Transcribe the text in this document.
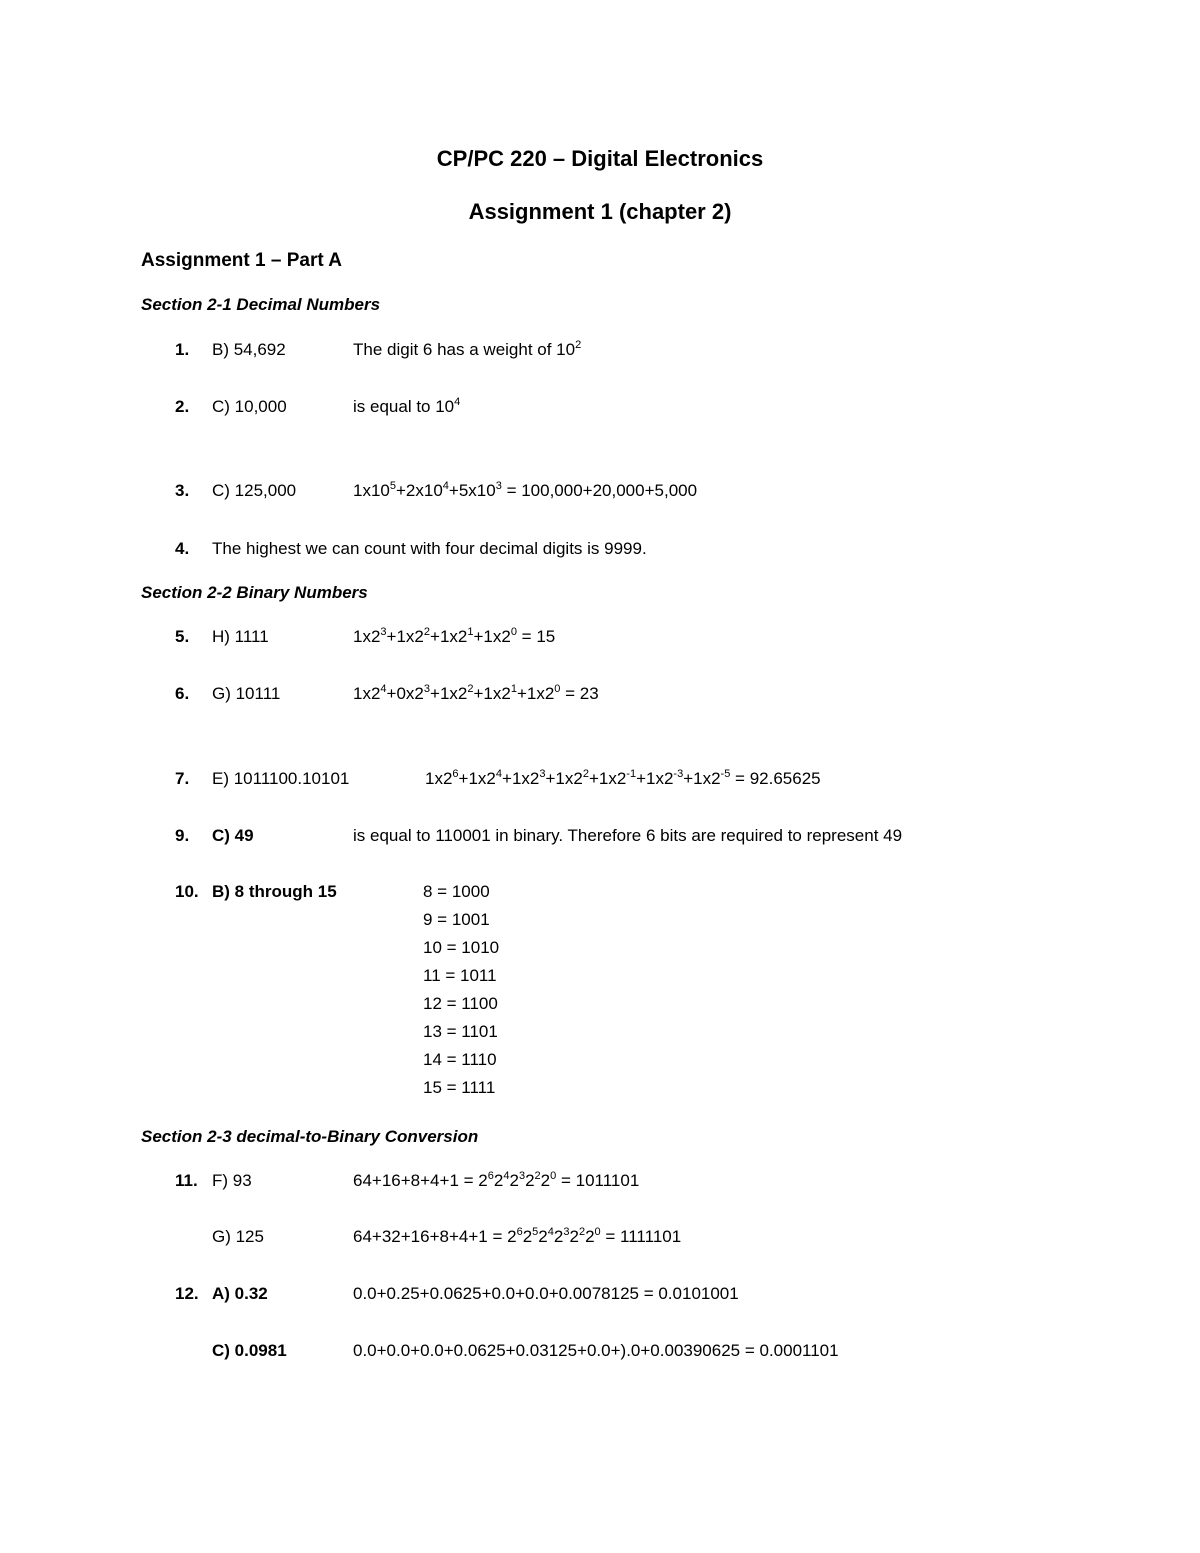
CP/PC 220 – Digital Electronics
Assignment 1 (chapter 2)
Assignment 1 – Part A
Section 2-1 Decimal Numbers
1. B) 54,692	The digit 6 has a weight of $10^2$
2. C) 10,000	is equal to $10^4$
3. C) 125,000	$1x10^5+2x10^4+5x10^3 = 100,000+20,000+5,000$
4. The highest we can count with four decimal digits is 9999.
Section 2-2 Binary Numbers
5. H) 1111	$1x2^3+1x2^2+1x2^1+1x2^0 = 15$
6. G) 10111	$1x2^4+0x2^3+1x2^2+1x2^1+1x2^0 = 23$
7. E) 1011100.10101	$1x2^6+1x2^4+1x2^3+1x2^2+1x2^{-1}+1x2^{-3}+1x2^{-5} = 92.65625$
9. C) 49	is equal to 110001 in binary. Therefore 6 bits are required to represent 49
10. B) 8 through 15	8 = 1000
9 = 1001
10 = 1010
11 = 1011
12 = 1100
13 = 1101
14 = 1110
15 = 1111
Section 2-3 decimal-to-Binary Conversion
11. F) 93	$64+16+8+4+1 = 2^62^42^32^22^0 = 1011101$
G) 125	$64+32+16+8+4+1 = 2^62^52^42^32^22^0 = 1111101$
12. A) 0.32	0.0+0.25+0.0625+0.0+0.0+0.0078125 = 0.0101001
C) 0.0981	0.0+0.0+0.0+0.0625+0.03125+0.0+).0+0.00390625 = 0.0001101
